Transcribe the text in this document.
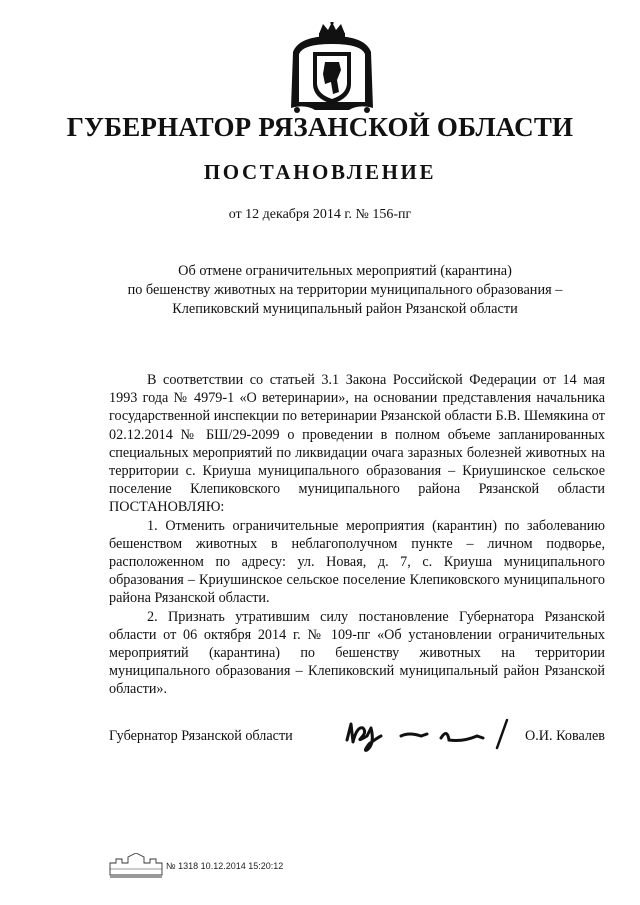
ГУБЕРНАТОР РЯЗАНСКОЙ ОБЛАСТИ
ПОСТАНОВЛЕНИЕ
от 12 декабря 2014 г. № 156-пг
Об отмене ограничительных мероприятий (карантина)
по бешенству животных на территории муниципального образования –
Клепиковский муниципальный район Рязанской области

В соответствии со статьей 3.1 Закона Российской Федерации от 14 мая 1993 года № 4979-1 «О ветеринарии», на основании представления начальника государственной инспекции по ветеринарии Рязанской области Б.В. Шемякина от 02.12.2014 № БШ/29-2099 о проведении в полном объеме запланированных специальных мероприятий по ликвидации очага заразных болезней животных на территории с. Криуша муниципального образования – Криушинское сельское поселение Клепиковского муниципального района Рязанской области ПОСТАНОВЛЯЮ:

1. Отменить ограничительные мероприятия (карантин) по заболеванию бешенством животных в неблагополучном пункте – личном подворье, расположенном по адресу: ул. Новая, д. 7, с. Криуша муниципального образования – Криушинское сельское поселение Клепиковского муниципального района Рязанской области.

2. Признать утратившим силу постановление Губернатора Рязанской области от 06 октября 2014 г. № 109-пг «Об установлении ограничительных мероприятий (карантина) по бешенству животных на территории муниципального образования – Клепиковский муниципальный район Рязанской области».

Губернатор Рязанской области	О.И. Ковалев
№ 1318 10.12.2014 15:20:12
